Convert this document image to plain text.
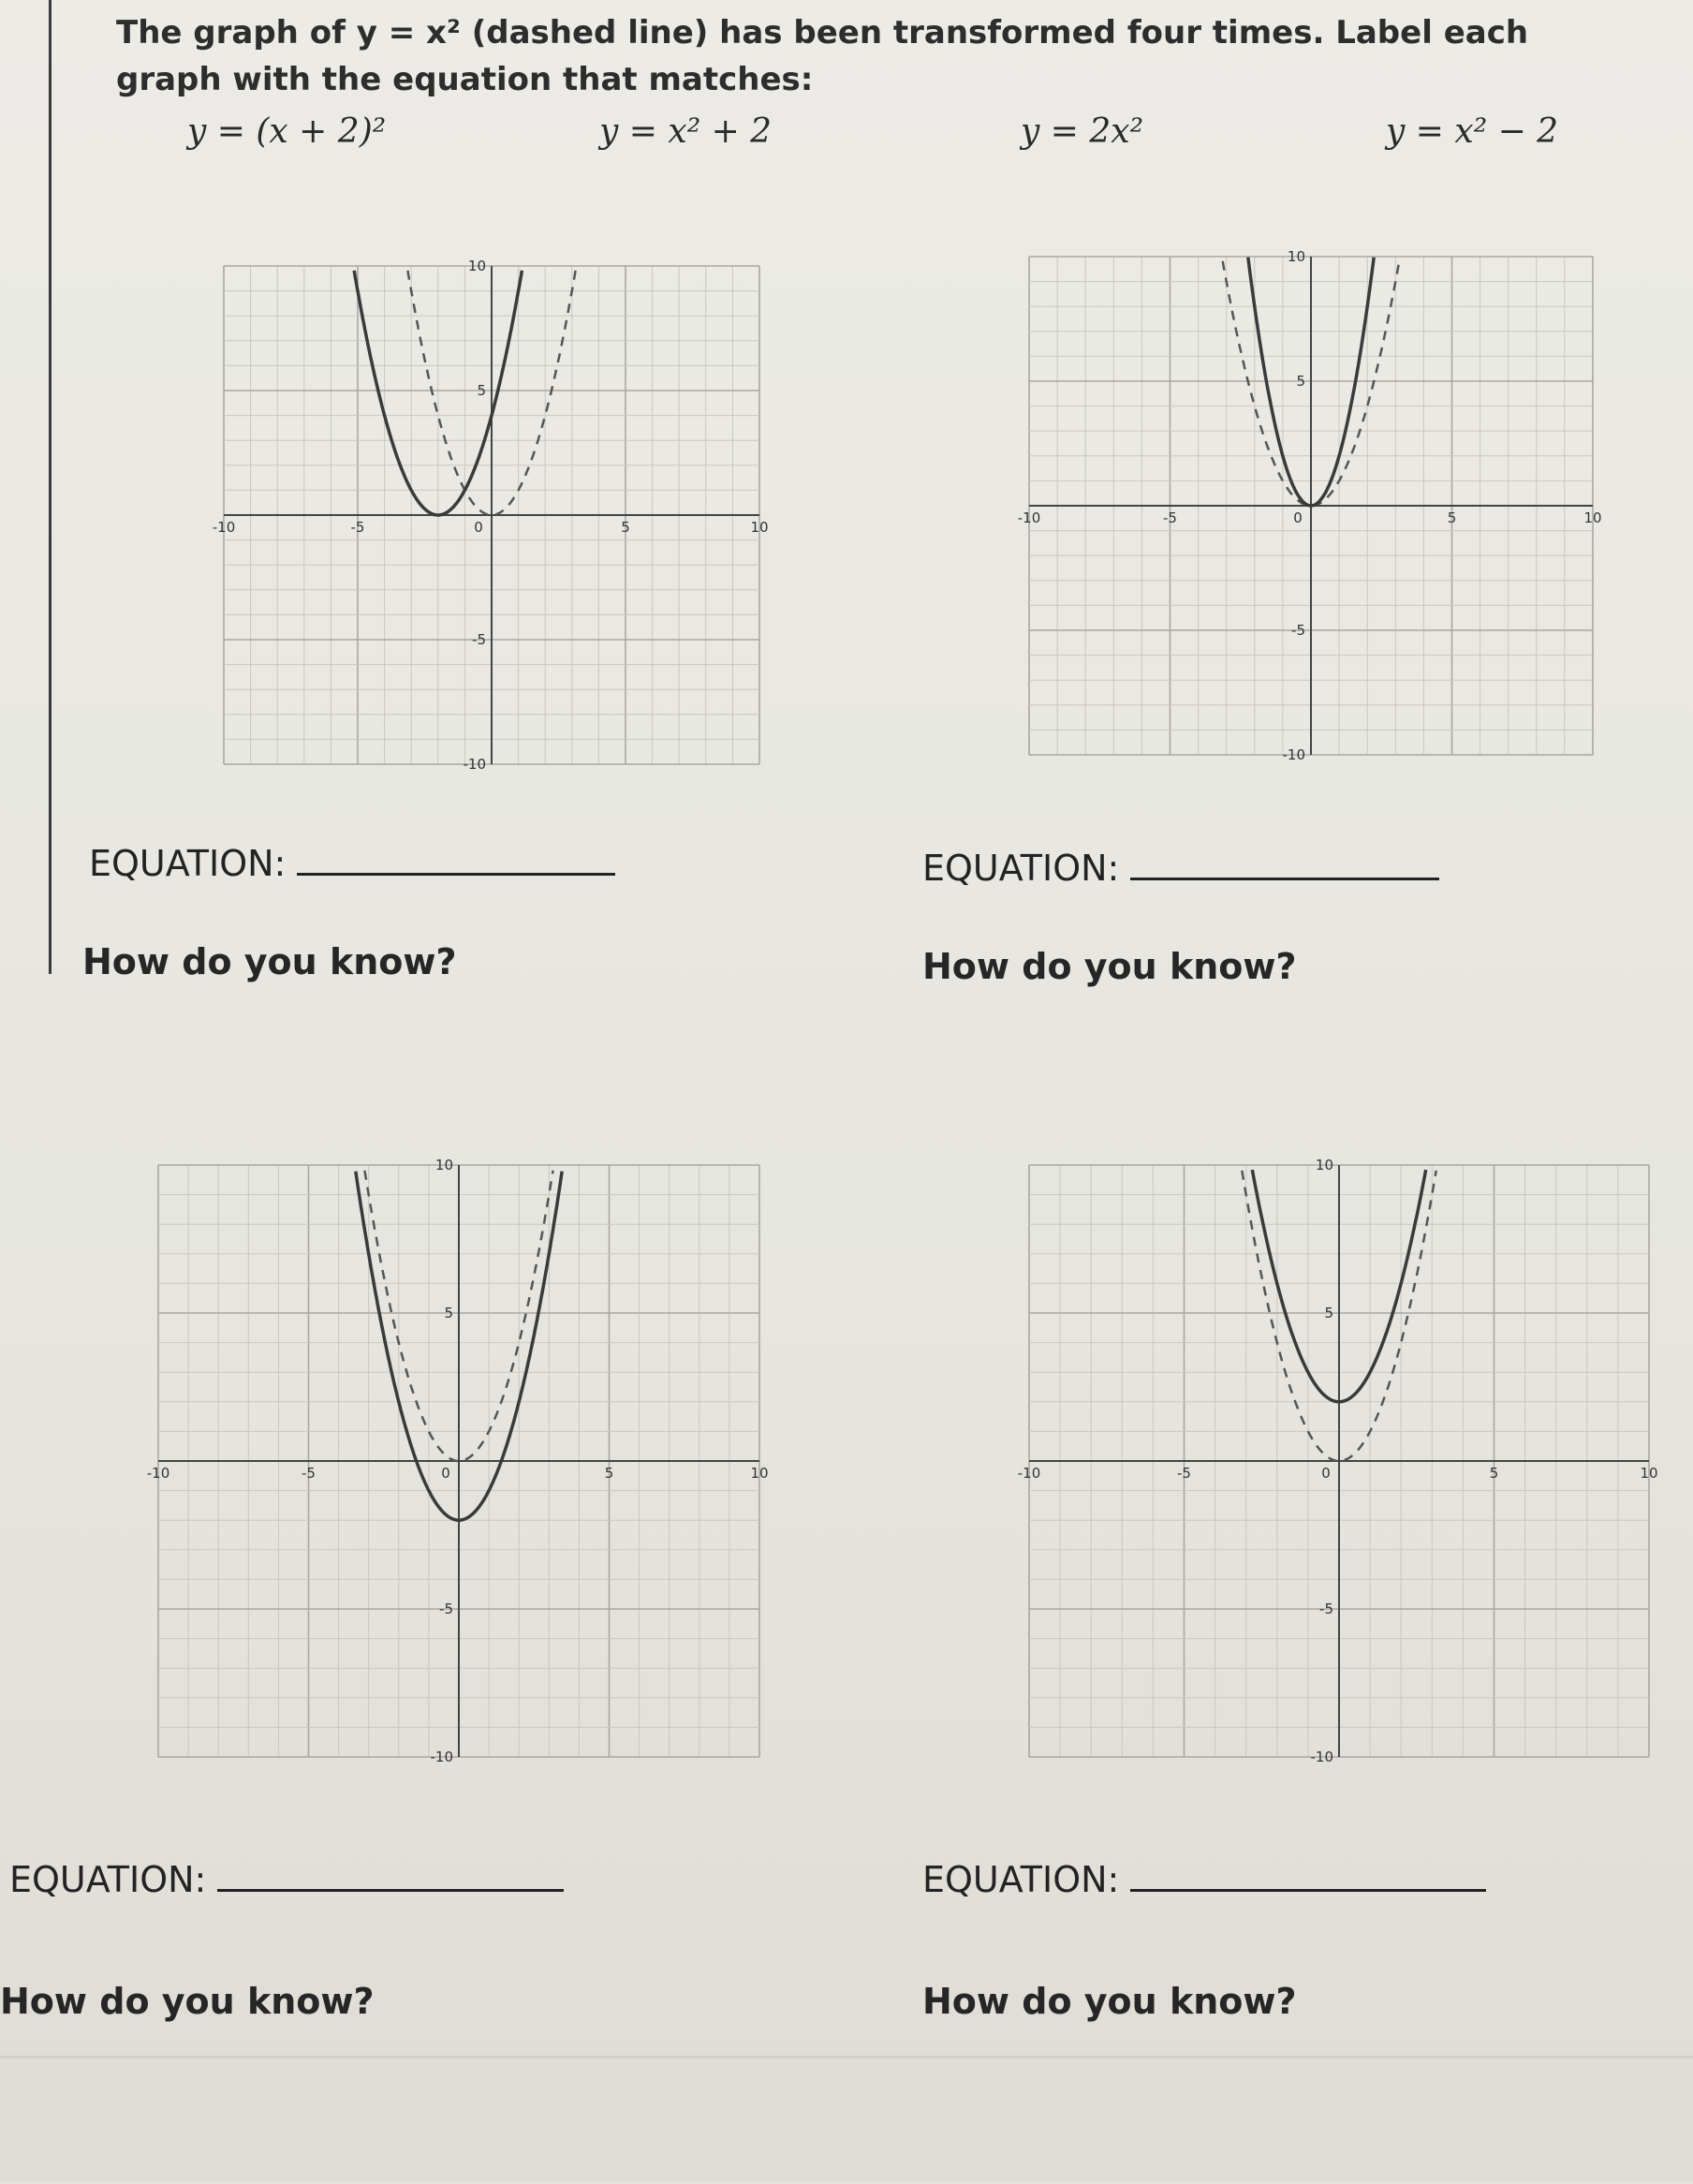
The graph of y = x² (dashed line) has been transformed four times. Label each graph with the equation that matches:
y = (x + 2)²	y = x² + 2	y = 2x²	y = x² − 2
-10	-5	0	5	10
-10
-5
5
10
-10	-5	0	5	10
-10
-5
5
10
-10	-5	0	5	10
-10
-5
5
10
-10	-5	0	5	10
-10
-5
5
10
EQUATION:	EQUATION:
How do you know?	How do you know?
EQUATION:	EQUATION:
How do you know?	How do you know?
